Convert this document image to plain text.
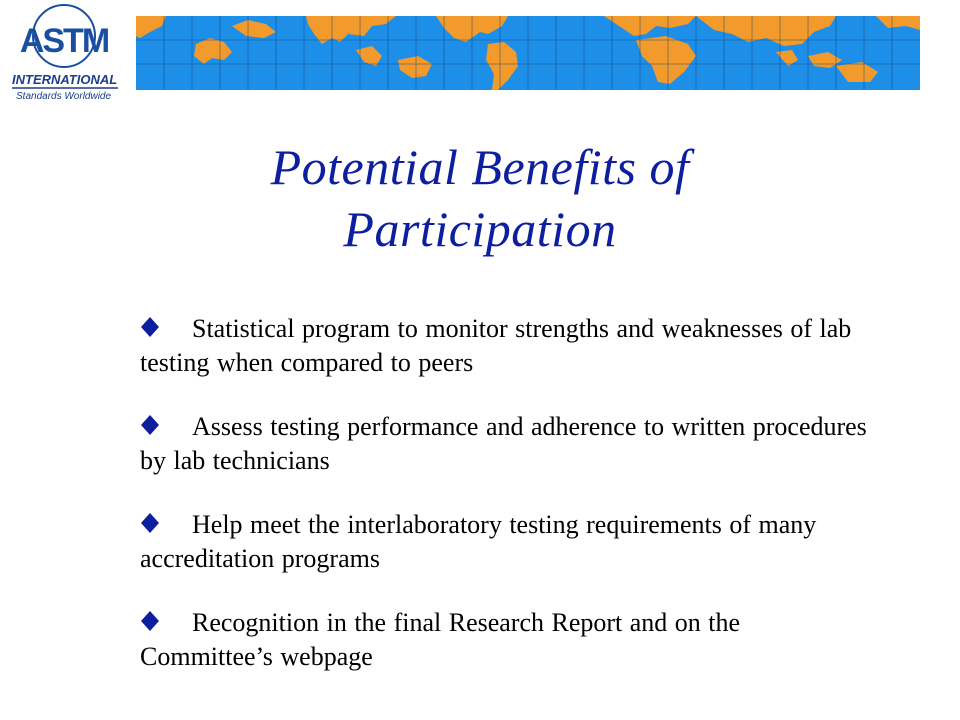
ASTM
INTERNATIONAL
Standards Worldwide
Potential Benefits of
Participation
Statistical program to monitor strengths and weaknesses of lab testing when compared to peers
Assess testing performance and adherence to written procedures by lab technicians
Help meet the interlaboratory testing requirements of many accreditation programs
Recognition in the final Research Report and on the Committee’s webpage
